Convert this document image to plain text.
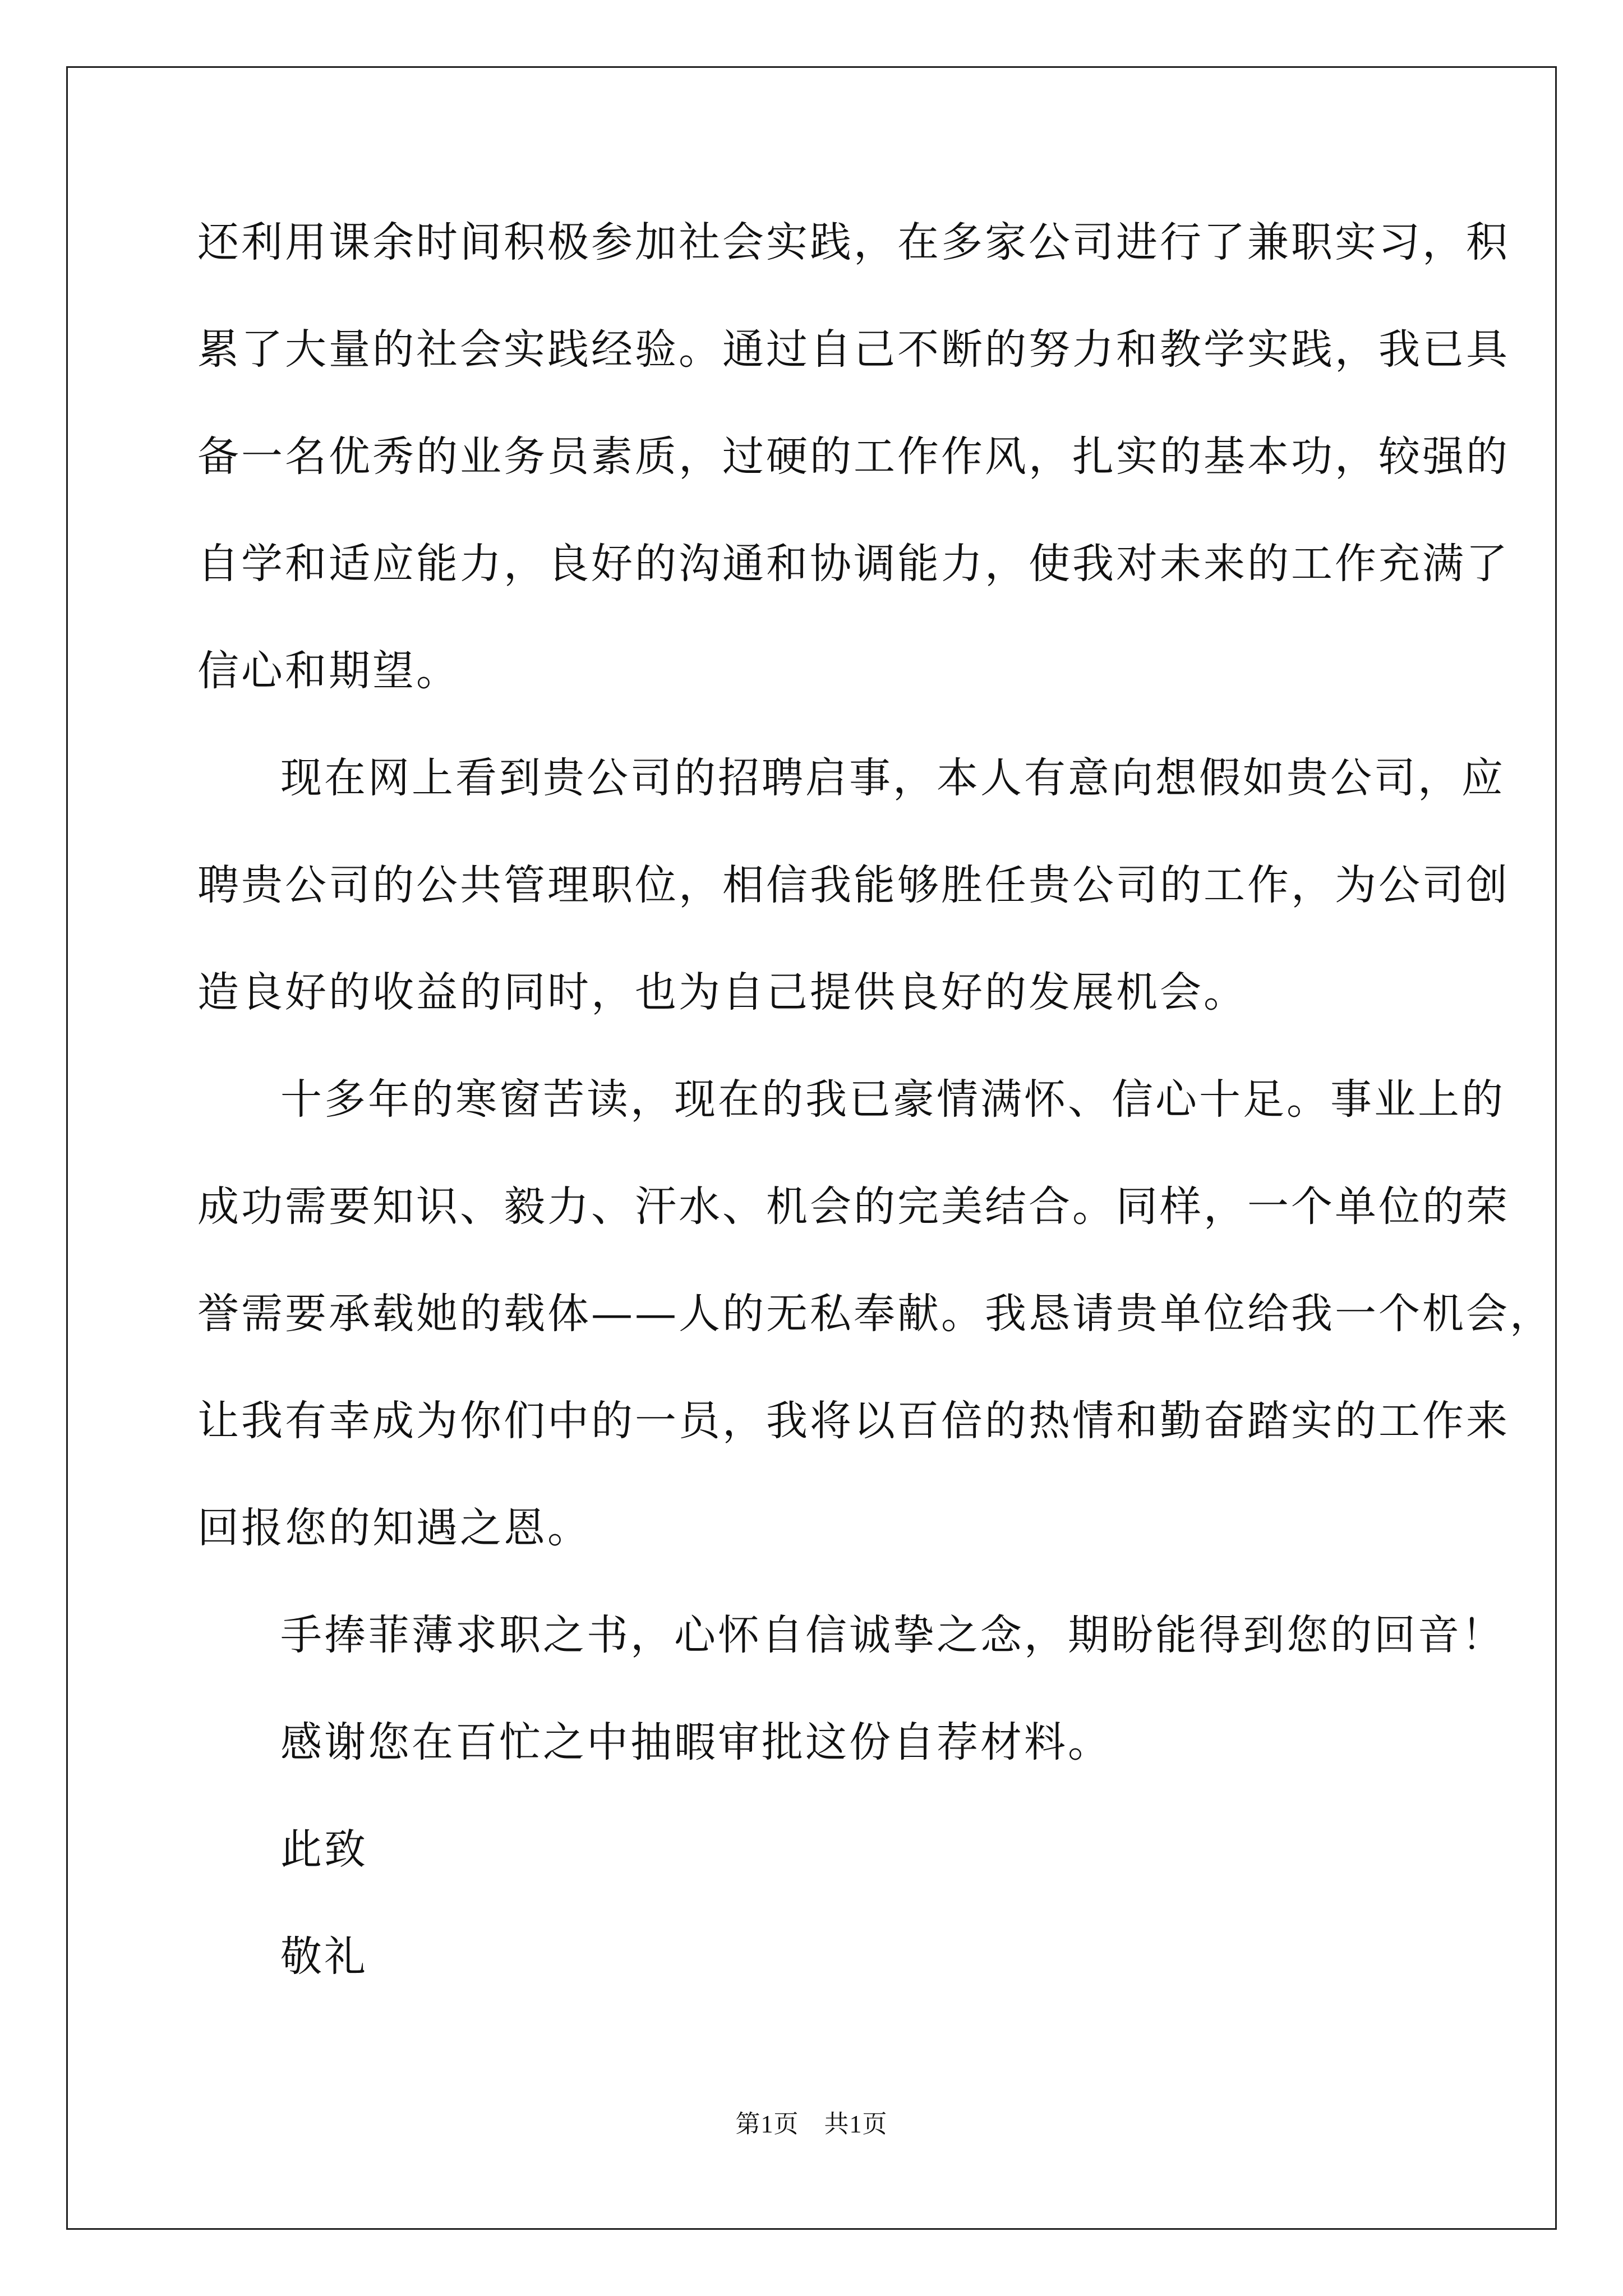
还利用课余时间积极参加社会实践，在多家公司进行了兼职实习，积
累了大量的社会实践经验。通过自己不断的努力和教学实践，我已具
备一名优秀的业务员素质，过硬的工作作风，扎实的基本功，较强的
自学和适应能力，良好的沟通和协调能力，使我对未来的工作充满了
信心和期望。
现在网上看到贵公司的招聘启事，本人有意向想假如贵公司，应
聘贵公司的公共管理职位，相信我能够胜任贵公司的工作，为公司创
造良好的收益的同时，也为自己提供良好的发展机会。
十多年的寒窗苦读，现在的我已豪情满怀、信心十足。事业上的
成功需要知识、毅力、汗水、机会的完美结合。同样，一个单位的荣
誉需要承载她的载体——人的无私奉献。我恳请贵单位给我一个机会，
让我有幸成为你们中的一员，我将以百倍的热情和勤奋踏实的工作来
回报您的知遇之恩。
手捧菲薄求职之书，心怀自信诚挚之念，期盼能得到您的回音！
感谢您在百忙之中抽暇审批这份自荐材料。
此致
敬礼
第1页　共1页
